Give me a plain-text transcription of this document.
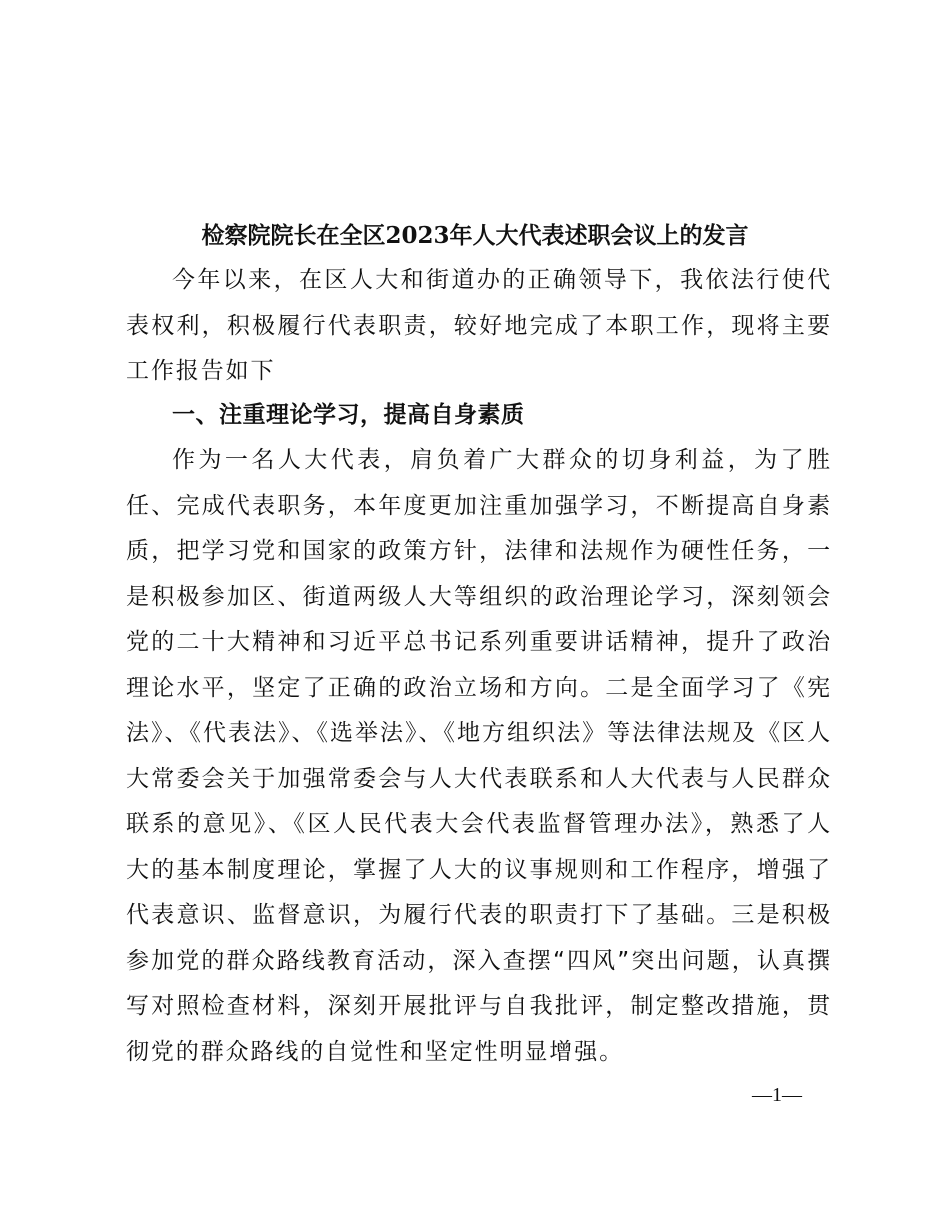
检察院院长在全区2023年人大代表述职会议上的发言

今年以来，在区人大和街道办的正确领导下，我依法行使代表权利，积极履行代表职责，较好地完成了本职工作，现将主要工作报告如下

一、注重理论学习，提高自身素质

作为一名人大代表，肩负着广大群众的切身利益，为了胜任、完成代表职务，本年度更加注重加强学习，不断提高自身素质，把学习党和国家的政策方针，法律和法规作为硬性任务，一是积极参加区、街道两级人大等组织的政治理论学习，深刻领会党的二十大精神和习近平总书记系列重要讲话精神，提升了政治理论水平，坚定了正确的政治立场和方向。二是全面学习了《宪法》、《代表法》、《选举法》、《地方组织法》等法律法规及《区人大常委会关于加强常委会与人大代表联系和人大代表与人民群众联系的意见》、《区人民代表大会代表监督管理办法》，熟悉了人大的基本制度理论，掌握了人大的议事规则和工作程序，增强了代表意识、监督意识，为履行代表的职责打下了基础。三是积极参加党的群众路线教育活动，深入查摆“四风”突出问题，认真撰写对照检查材料，深刻开展批评与自我批评，制定整改措施，贯彻党的群众路线的自觉性和坚定性明显增强。

—1—
